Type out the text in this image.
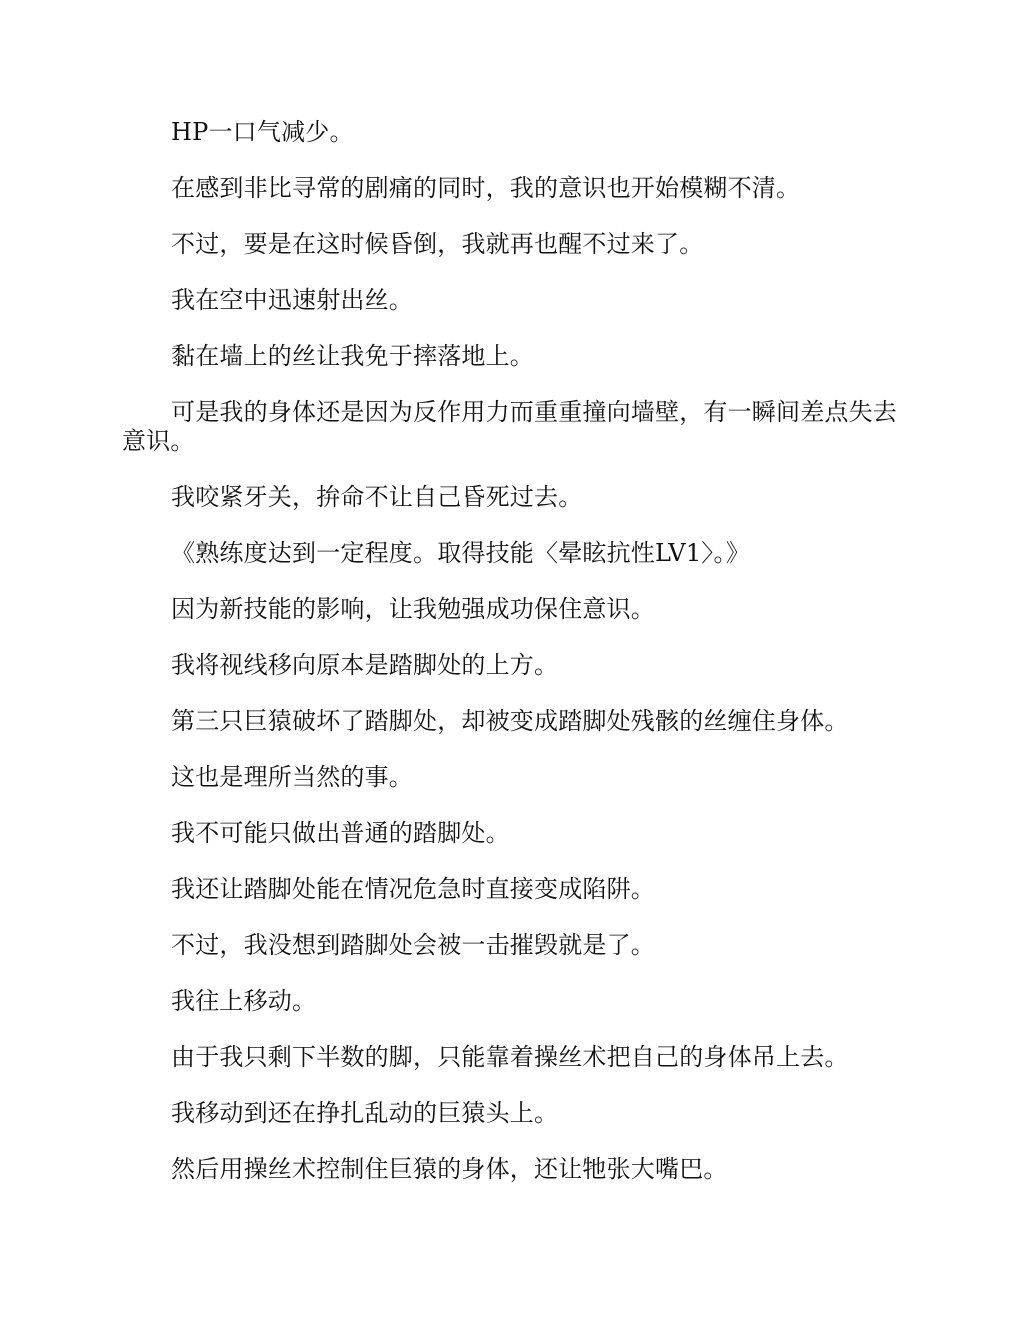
HP一口气减少。

在感到非比寻常的剧痛的同时，我的意识也开始模糊不清。

不过，要是在这时候昏倒，我就再也醒不过来了。

我在空中迅速射出丝。

黏在墙上的丝让我免于摔落地上。

可是我的身体还是因为反作用力而重重撞向墙壁，有一瞬间差点失去意识。

我咬紧牙关，拚命不让自己昏死过去。

《熟练度达到一定程度。取得技能〈晕眩抗性LV1〉。》

因为新技能的影响，让我勉强成功保住意识。

我将视线移向原本是踏脚处的上方。

第三只巨猿破坏了踏脚处，却被变成踏脚处残骸的丝缠住身体。

这也是理所当然的事。

我不可能只做出普通的踏脚处。

我还让踏脚处能在情况危急时直接变成陷阱。

不过，我没想到踏脚处会被一击摧毁就是了。

我往上移动。

由于我只剩下半数的脚，只能靠着操丝术把自己的身体吊上去。

我移动到还在挣扎乱动的巨猿头上。

然后用操丝术控制住巨猿的身体，还让牠张大嘴巴。
